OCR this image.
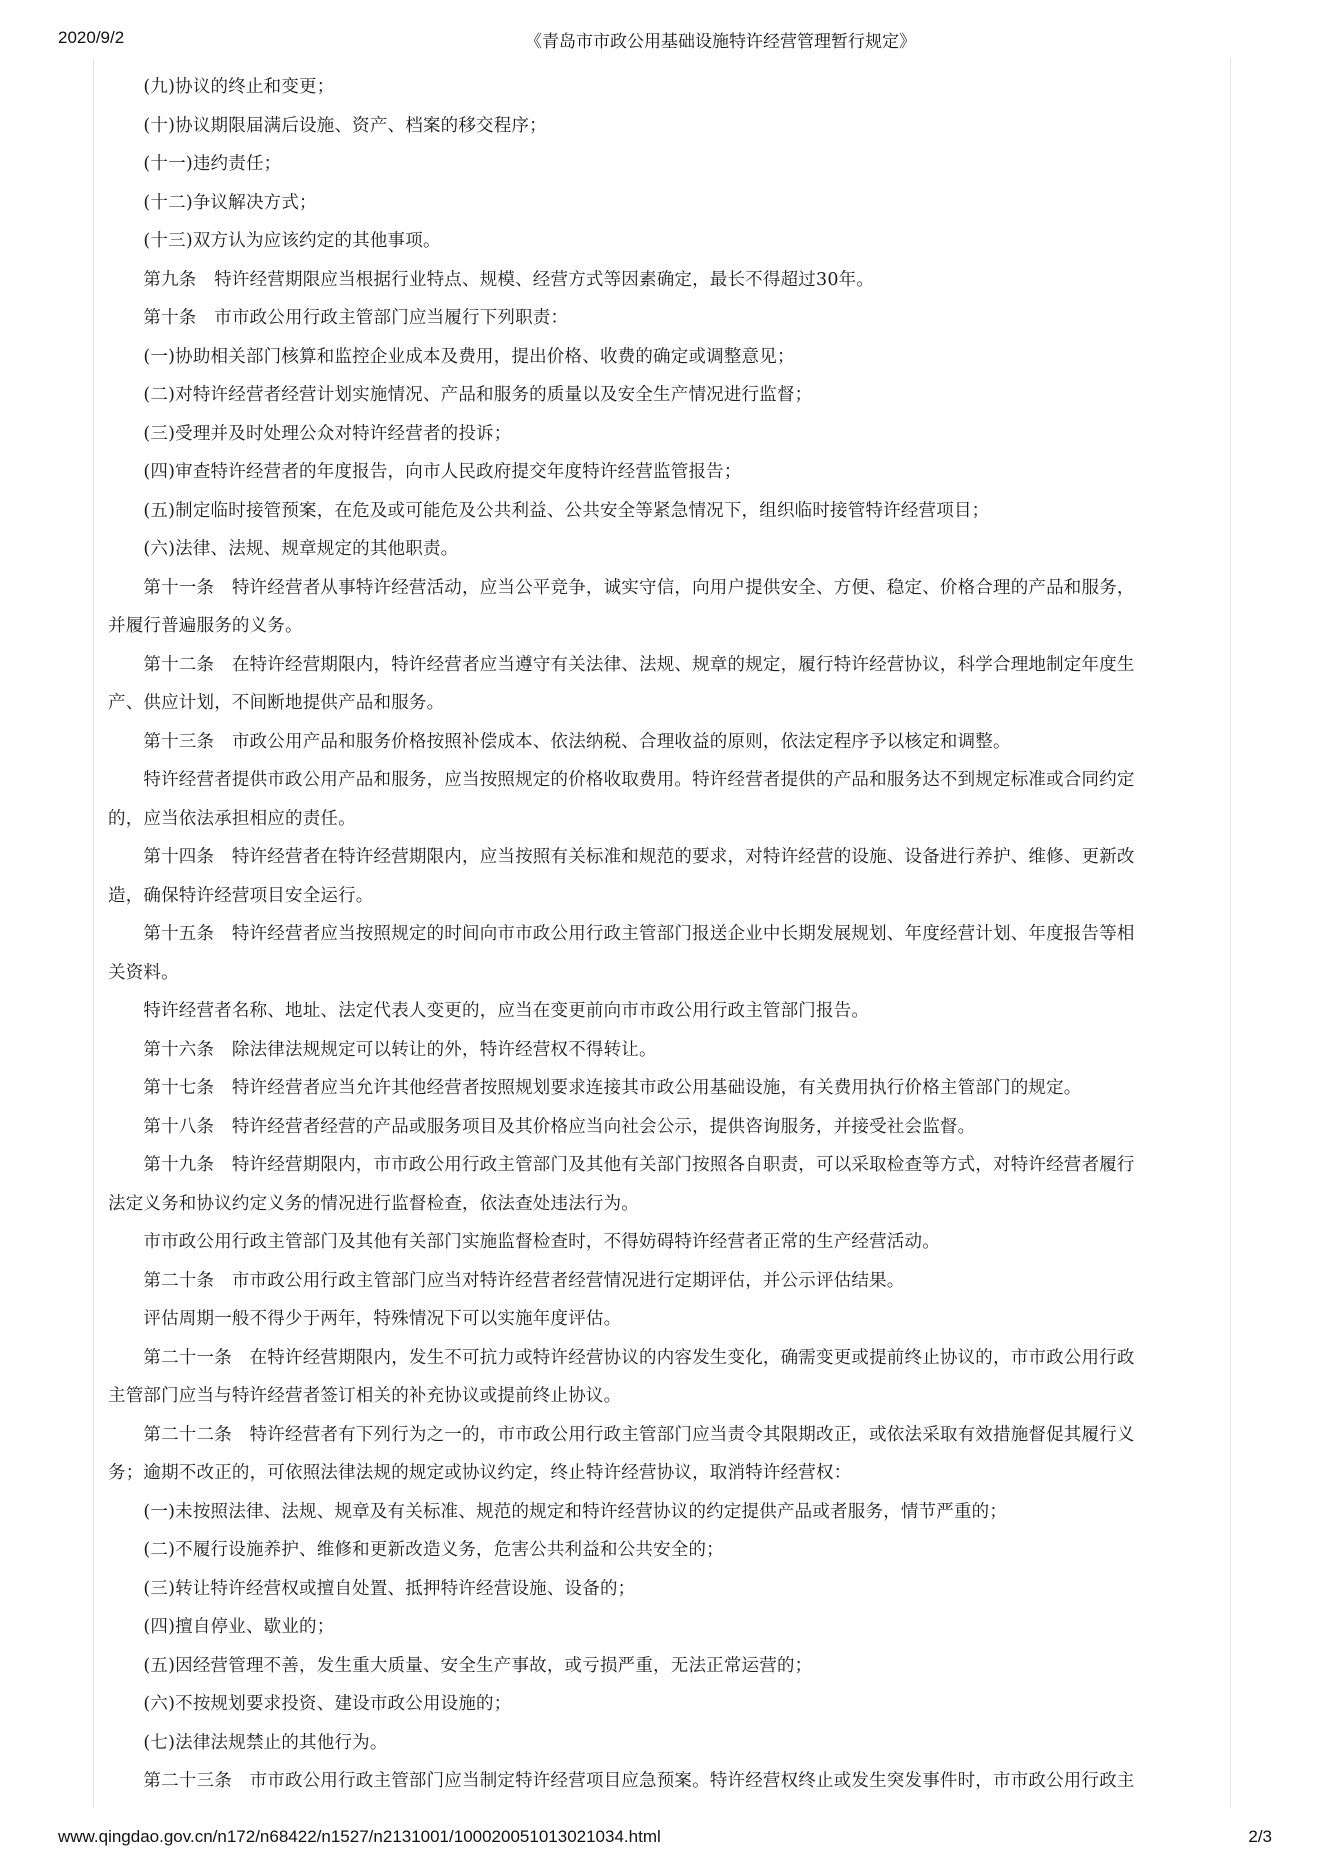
2020/9/2	《青岛市市政公用基础设施特许经营管理暂行规定》
　　(九)协议的终止和变更；
　　(十)协议期限届满后设施、资产、档案的移交程序；
　　(十一)违约责任；
　　(十二)争议解决方式；
　　(十三)双方认为应该约定的其他事项。
　　第九条　特许经营期限应当根据行业特点、规模、经营方式等因素确定，最长不得超过30年。
　　第十条　市市政公用行政主管部门应当履行下列职责：
　　(一)协助相关部门核算和监控企业成本及费用，提出价格、收费的确定或调整意见；
　　(二)对特许经营者经营计划实施情况、产品和服务的质量以及安全生产情况进行监督；
　　(三)受理并及时处理公众对特许经营者的投诉；
　　(四)审查特许经营者的年度报告，向市人民政府提交年度特许经营监管报告；
　　(五)制定临时接管预案，在危及或可能危及公共利益、公共安全等紧急情况下，组织临时接管特许经营项目；
　　(六)法律、法规、规章规定的其他职责。
　　第十一条　特许经营者从事特许经营活动，应当公平竞争，诚实守信，向用户提供安全、方便、稳定、价格合理的产品和服务，
并履行普遍服务的义务。
　　第十二条　在特许经营期限内，特许经营者应当遵守有关法律、法规、规章的规定，履行特许经营协议，科学合理地制定年度生
产、供应计划，不间断地提供产品和服务。
　　第十三条　市政公用产品和服务价格按照补偿成本、依法纳税、合理收益的原则，依法定程序予以核定和调整。
　　特许经营者提供市政公用产品和服务，应当按照规定的价格收取费用。特许经营者提供的产品和服务达不到规定标准或合同约定
的，应当依法承担相应的责任。
　　第十四条　特许经营者在特许经营期限内，应当按照有关标准和规范的要求，对特许经营的设施、设备进行养护、维修、更新改
造，确保特许经营项目安全运行。
　　第十五条　特许经营者应当按照规定的时间向市市政公用行政主管部门报送企业中长期发展规划、年度经营计划、年度报告等相
关资料。
　　特许经营者名称、地址、法定代表人变更的，应当在变更前向市市政公用行政主管部门报告。
　　第十六条　除法律法规规定可以转让的外，特许经营权不得转让。
　　第十七条　特许经营者应当允许其他经营者按照规划要求连接其市政公用基础设施，有关费用执行价格主管部门的规定。
　　第十八条　特许经营者经营的产品或服务项目及其价格应当向社会公示，提供咨询服务，并接受社会监督。
　　第十九条　特许经营期限内，市市政公用行政主管部门及其他有关部门按照各自职责，可以采取检查等方式，对特许经营者履行
法定义务和协议约定义务的情况进行监督检查，依法查处违法行为。
　　市市政公用行政主管部门及其他有关部门实施监督检查时，不得妨碍特许经营者正常的生产经营活动。
　　第二十条　市市政公用行政主管部门应当对特许经营者经营情况进行定期评估，并公示评估结果。
　　评估周期一般不得少于两年，特殊情况下可以实施年度评估。
　　第二十一条　在特许经营期限内，发生不可抗力或特许经营协议的内容发生变化，确需变更或提前终止协议的，市市政公用行政
主管部门应当与特许经营者签订相关的补充协议或提前终止协议。
　　第二十二条　特许经营者有下列行为之一的，市市政公用行政主管部门应当责令其限期改正，或依法采取有效措施督促其履行义
务；逾期不改正的，可依照法律法规的规定或协议约定，终止特许经营协议，取消特许经营权：
　　(一)未按照法律、法规、规章及有关标准、规范的规定和特许经营协议的约定提供产品或者服务，情节严重的；
　　(二)不履行设施养护、维修和更新改造义务，危害公共利益和公共安全的；
　　(三)转让特许经营权或擅自处置、抵押特许经营设施、设备的；
　　(四)擅自停业、歇业的；
　　(五)因经营管理不善，发生重大质量、安全生产事故，或亏损严重，无法正常运营的；
　　(六)不按规划要求投资、建设市政公用设施的；
　　(七)法律法规禁止的其他行为。
　　第二十三条　市市政公用行政主管部门应当制定特许经营项目应急预案。特许经营权终止或发生突发事件时，市市政公用行政主
www.qingdao.gov.cn/n172/n68422/n1527/n2131001/100020051013021034.html	2/3
